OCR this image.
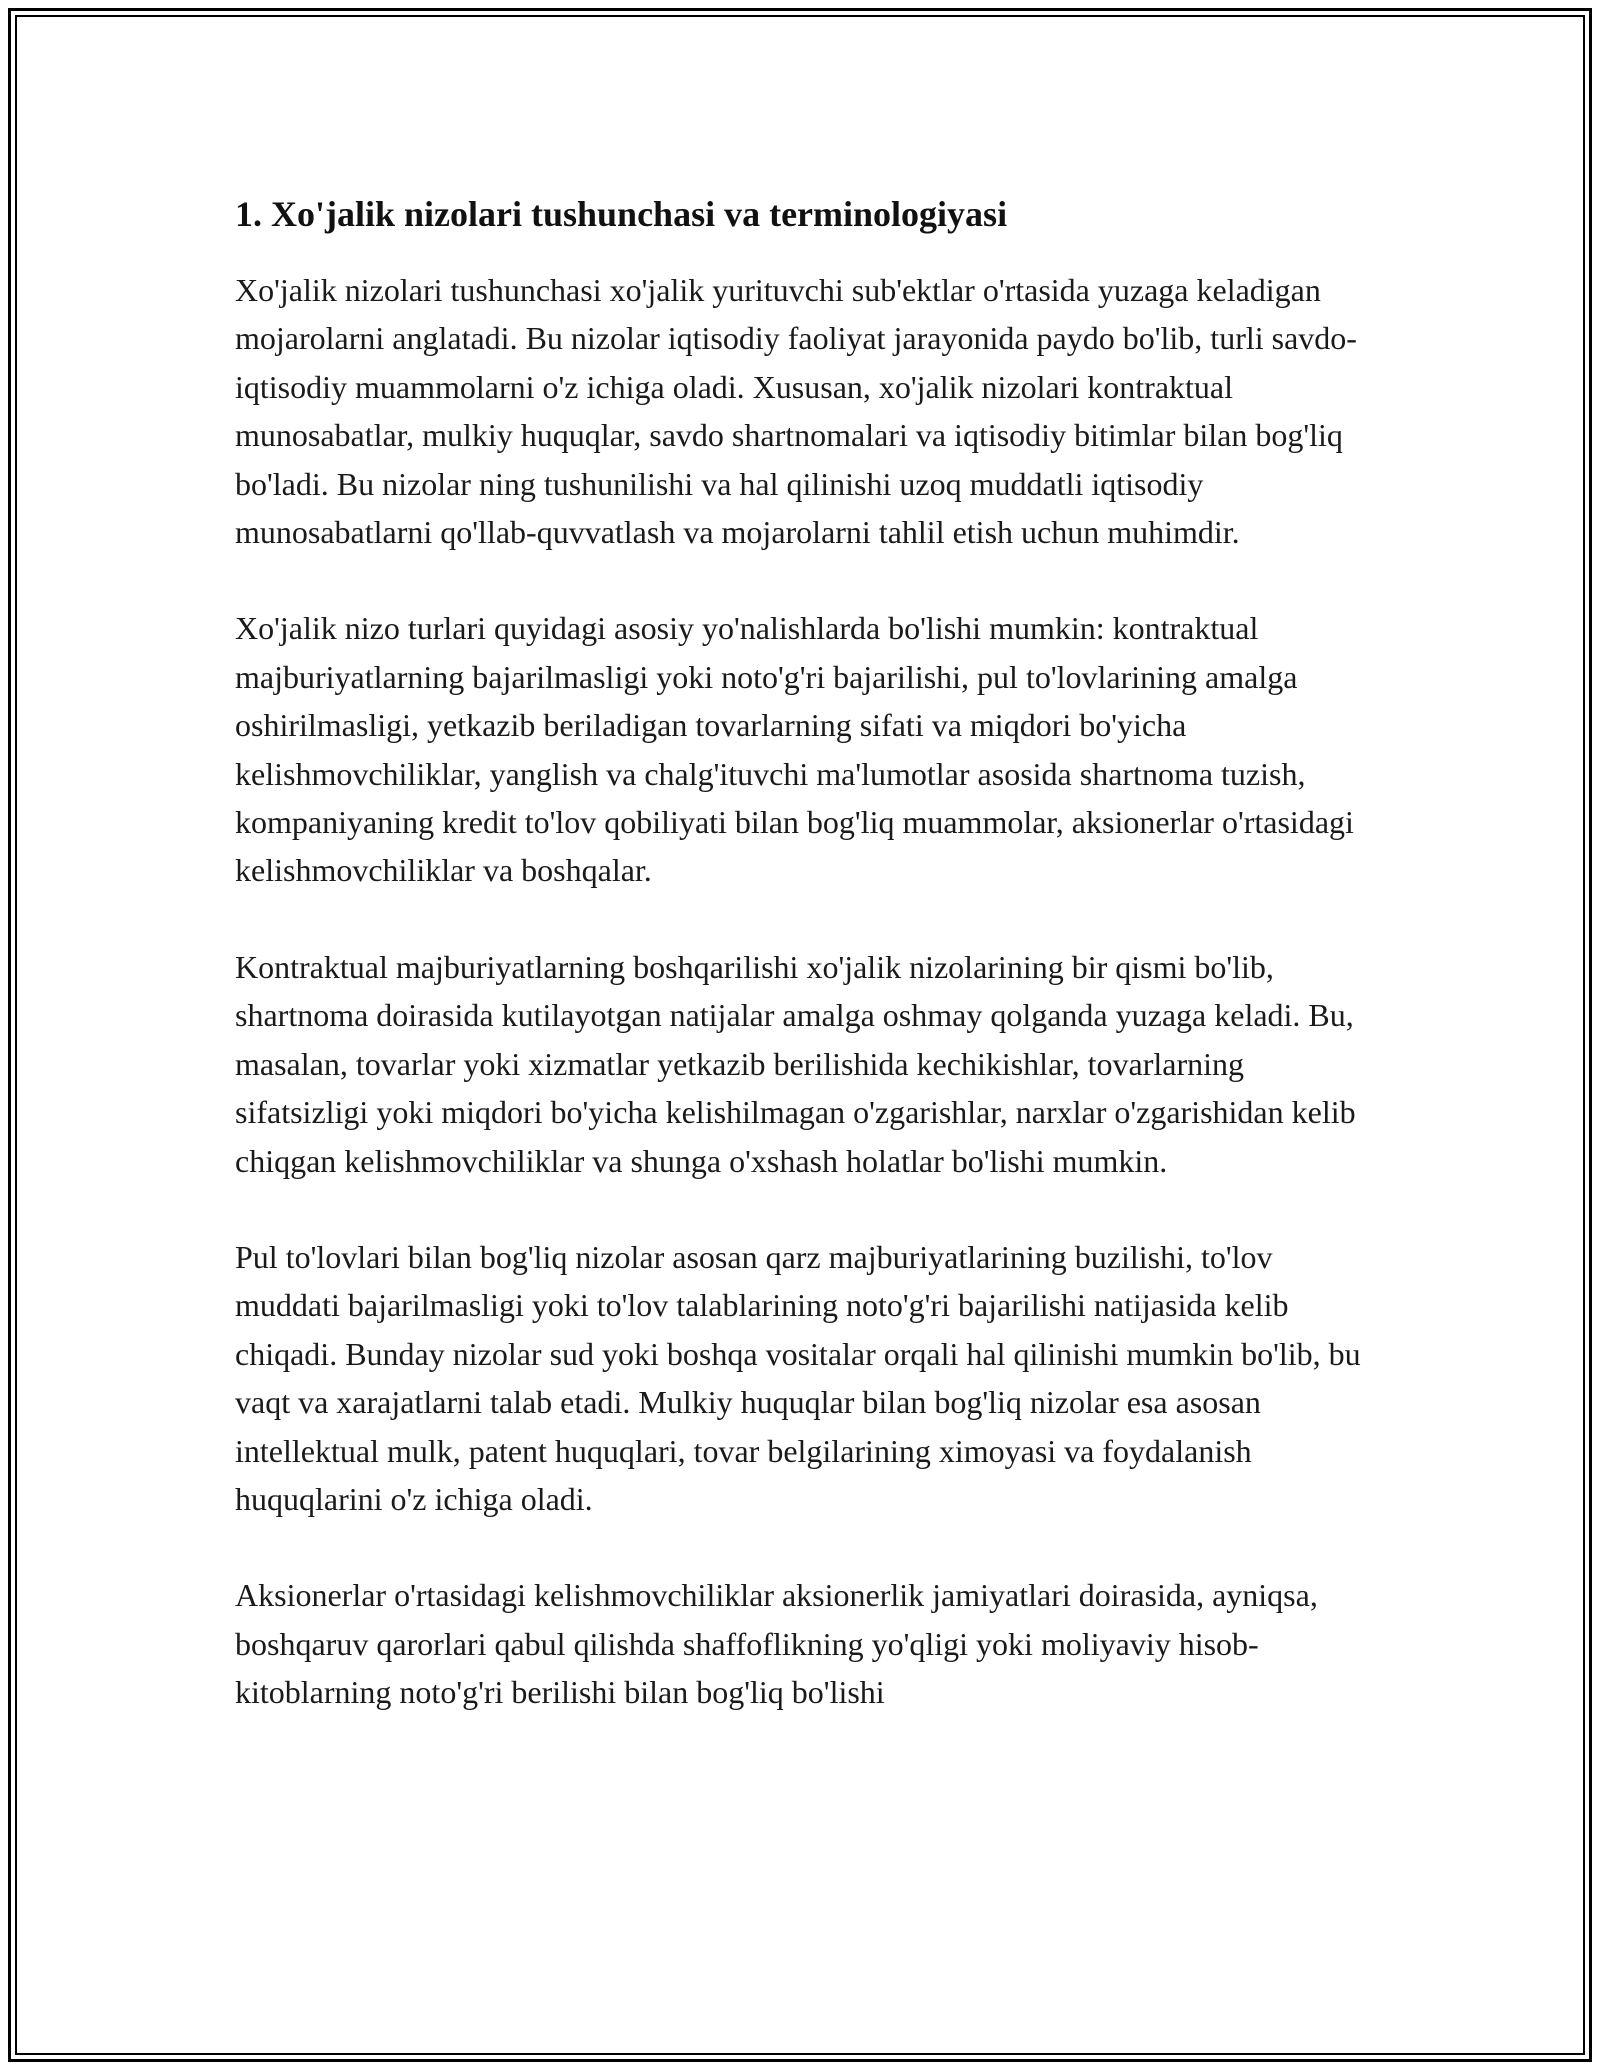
1. Xo'jalik nizolari tushunchasi va terminologiyasi

Xo'jalik nizolari tushunchasi xo'jalik yurituvchi sub'ektlar o'rtasida yuzaga keladigan mojarolarni anglatadi. Bu nizolar iqtisodiy faoliyat jarayonida paydo bo'lib, turli savdo-iqtisodiy muammolarni o'z ichiga oladi. Xususan, xo'jalik nizolari kontraktual munosabatlar, mulkiy huquqlar, savdo shartnomalari va iqtisodiy bitimlar bilan bog'liq bo'ladi. Bu nizolar ning tushunilishi va hal qilinishi uzoq muddatli iqtisodiy munosabatlarni qo'llab-quvvatlash va mojarolarni tahlil etish uchun muhimdir.

Xo'jalik nizo turlari quyidagi asosiy yo'nalishlarda bo'lishi mumkin: kontraktual majburiyatlarning bajarilmasligi yoki noto'g'ri bajarilishi, pul to'lovlarining amalga oshirilmasligi, yetkazib beriladigan tovarlarning sifati va miqdori bo'yicha kelishmovchiliklar, yanglish va chalg'ituvchi ma'lumotlar asosida shartnoma tuzish, kompaniyaning kredit to'lov qobiliyati bilan bog'liq muammolar, aksionerlar o'rtasidagi kelishmovchiliklar va boshqalar.

Kontraktual majburiyatlarning boshqarilishi xo'jalik nizolarining bir qismi bo'lib, shartnoma doirasida kutilayotgan natijalar amalga oshmay qolganda yuzaga keladi. Bu, masalan, tovarlar yoki xizmatlar yetkazib berilishida kechikishlar, tovarlarning sifatsizligi yoki miqdori bo'yicha kelishilmagan o'zgarishlar, narxlar o'zgarishidan kelib chiqgan kelishmovchiliklar va shunga o'xshash holatlar bo'lishi mumkin.

Pul to'lovlari bilan bog'liq nizolar asosan qarz majburiyatlarining buzilishi, to'lov muddati bajarilmasligi yoki to'lov talablarining noto'g'ri bajarilishi natijasida kelib chiqadi. Bunday nizolar sud yoki boshqa vositalar orqali hal qilinishi mumkin bo'lib, bu vaqt va xarajatlarni talab etadi. Mulkiy huquqlar bilan bog'liq nizolar esa asosan intellektual mulk, patent huquqlari, tovar belgilarining ximoyasi va foydalanish huquqlarini o'z ichiga oladi.

Aksionerlar o'rtasidagi kelishmovchiliklar aksionerlik jamiyatlari doirasida, ayniqsa, boshqaruv qarorlari qabul qilishda shaffoflikning yo'qligi yoki moliyaviy hisob-kitoblarning noto'g'ri berilishi bilan bog'liq bo'lishi
